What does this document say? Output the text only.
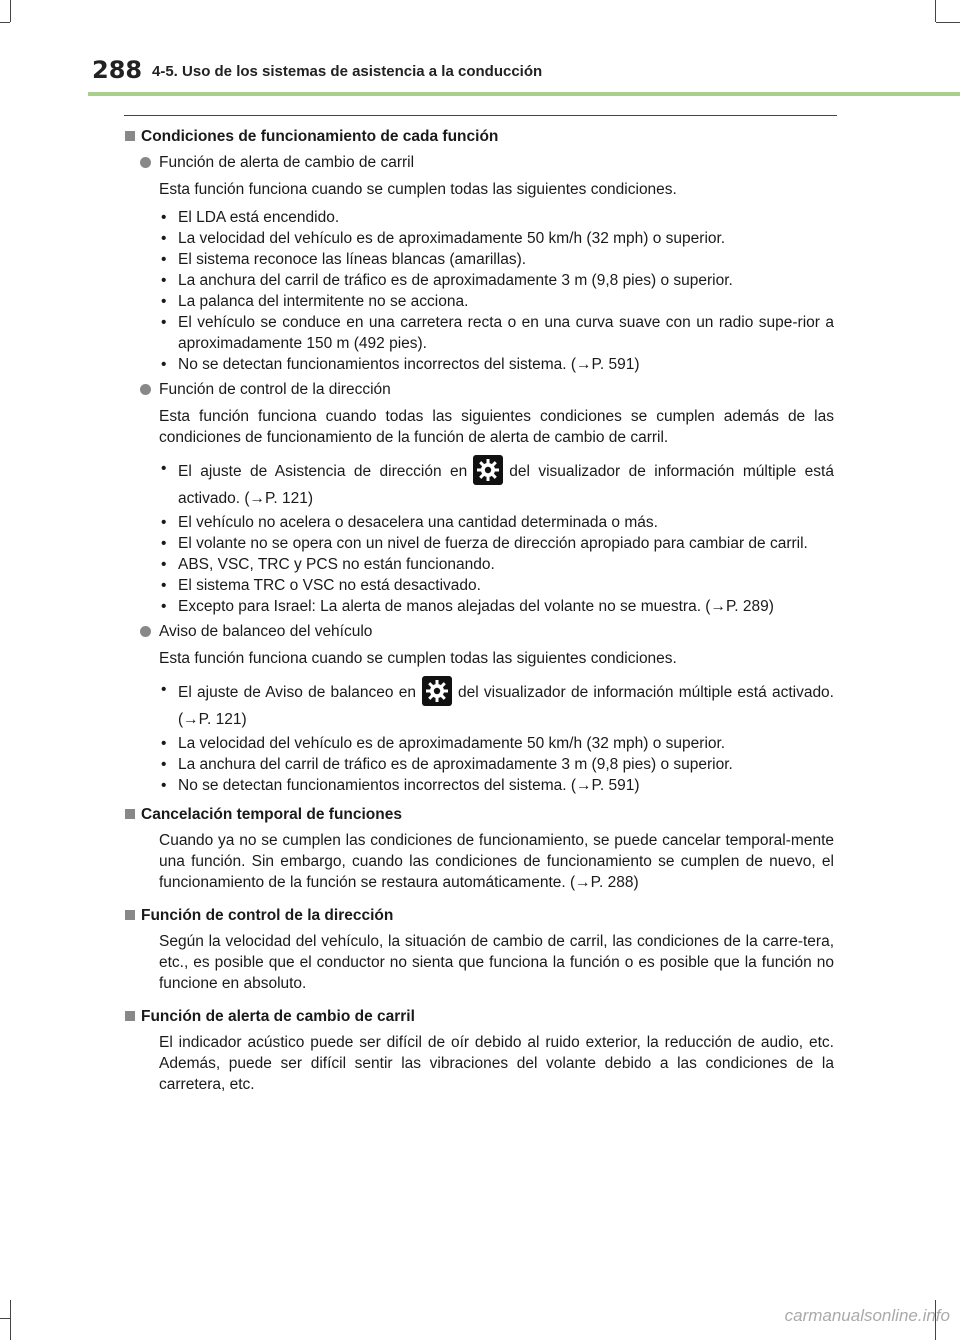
288 4-5. Uso de los sistemas de asistencia a la conducción
Condiciones de funcionamiento de cada función
Función de alerta de cambio de carril

Esta función funciona cuando se cumplen todas las siguientes condiciones.

• El LDA está encendido.
• La velocidad del vehículo es de aproximadamente 50 km/h (32 mph) o superior.
• El sistema reconoce las líneas blancas (amarillas).
• La anchura del carril de tráfico es de aproximadamente 3 m (9,8 pies) o superior.
• La palanca del intermitente no se acciona.
• El vehículo se conduce en una carretera recta o en una curva suave con un radio supe-rior a aproximadamente 150 m (492 pies).
• No se detectan funcionamientos incorrectos del sistema. (→P. 591)
Función de control de la dirección

Esta función funciona cuando todas las siguientes condiciones se cumplen además de las condiciones de funcionamiento de la función de alerta de cambio de carril.

• El ajuste de Asistencia de dirección en	del visualizador de información múltiple está activado. (→P. 121)
• El vehículo no acelera o desacelera una cantidad determinada o más.
• El volante no se opera con un nivel de fuerza de dirección apropiado para cambiar de carril.
• ABS, VSC, TRC y PCS no están funcionando.
• El sistema TRC o VSC no está desactivado.
• Excepto para Israel: La alerta de manos alejadas del volante no se muestra. (→P. 289)
Aviso de balanceo del vehículo

Esta función funciona cuando se cumplen todas las siguientes condiciones.

• El ajuste de Aviso de balanceo en	del visualizador de información múltiple está activado. (→P. 121)
• La velocidad del vehículo es de aproximadamente 50 km/h (32 mph) o superior.
• La anchura del carril de tráfico es de aproximadamente 3 m (9,8 pies) o superior.
• No se detectan funcionamientos incorrectos del sistema. (→P. 591)
Cancelación temporal de funciones

Cuando ya no se cumplen las condiciones de funcionamiento, se puede cancelar temporal-mente una función. Sin embargo, cuando las condiciones de funcionamiento se cumplen de nuevo, el funcionamiento de la función se restaura automáticamente. (→P. 288)

Función de control de la dirección

Según la velocidad del vehículo, la situación de cambio de carril, las condiciones de la carre-tera, etc., es posible que el conductor no sienta que funciona la función o es posible que la función no funcione en absoluto.

Función de alerta de cambio de carril

El indicador acústico puede ser difícil de oír debido al ruido exterior, la reducción de audio, etc. Además, puede ser difícil sentir las vibraciones del volante debido a las condiciones de la carretera, etc.

carmanualsonline.info
